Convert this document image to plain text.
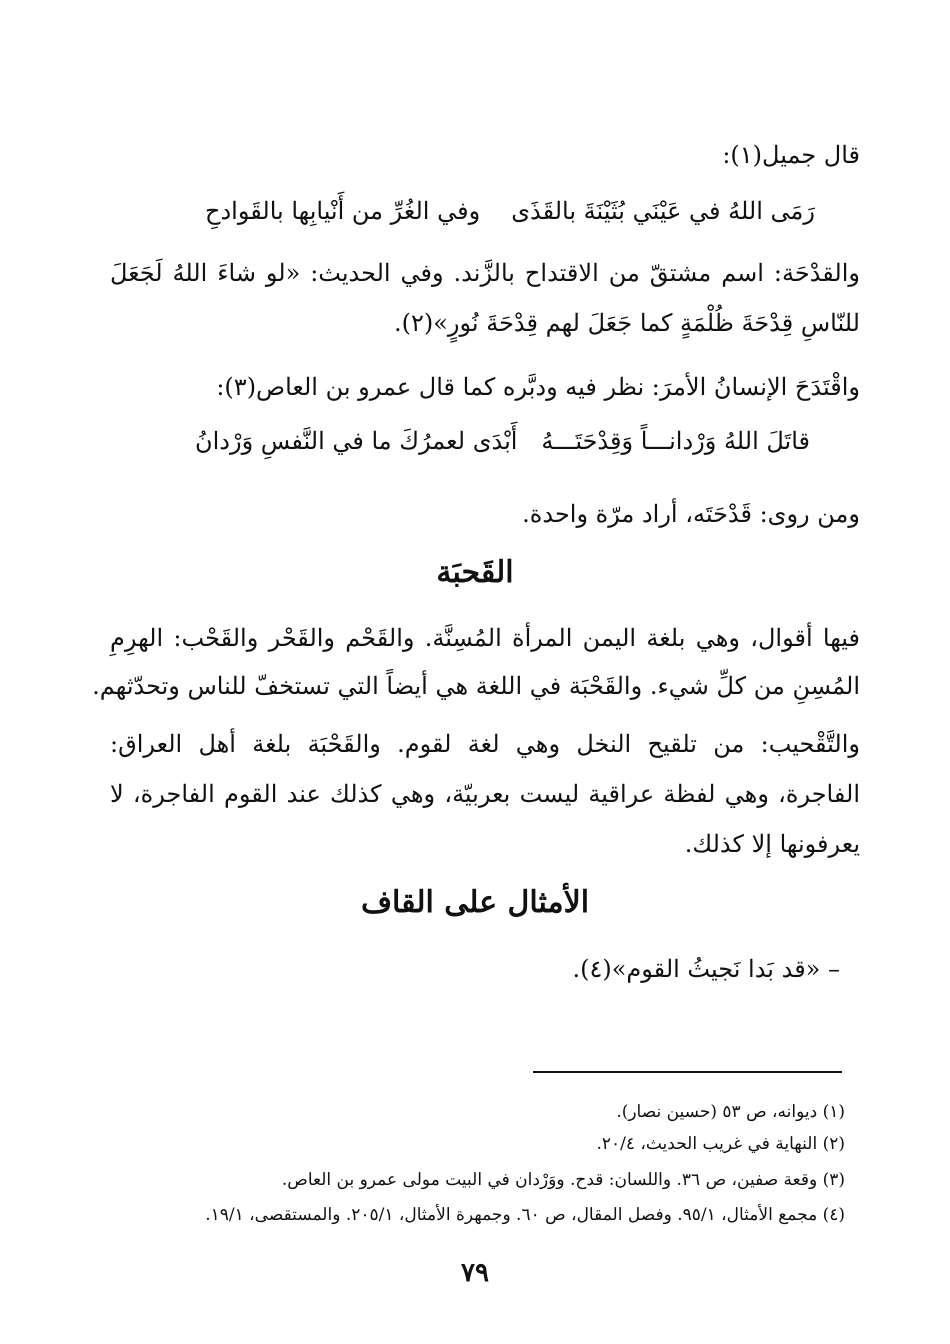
قال جميل(١):
رَمَى اللهُ في عَيْنَي بُثَيْنَةَ بالقَذَى
وفي الغُرِّ من أَنْيابِها بالقَوادحِ
والقدْحَة: اسم مشتقّ من الاقتداح بالزَّند. وفي الحديث: «لو شاءَ اللهُ لَجَعَلَ
للنّاسِ قِدْحَةَ ظُلْمَةٍ كما جَعَلَ لهم قِدْحَةَ نُورٍ»(٢).
واقْتَدَحَ الإنسانُ الأمرَ: نظر فيه ودبَّره كما قال عمرو بن العاص(٣):
قاتَلَ اللهُ وَرْدانـــاً وَقِدْحَتَـــهُ
أَبْدَى لعمرُكَ ما في النَّفسِ وَرْدانُ
ومن روى: قَدْحَتَه، أراد مرّة واحدة.
القَحبَة
فيها أقوال، وهي بلغة اليمن المرأة المُسِنَّة. والقَحْم والقَحْر والقَحْب: الهرِمِ
المُسِنِ من كلِّ شيء. والقَحْبَة في اللغة هي أيضاً التي تستخفّ للناس وتحدّثهم.
والتَّقْحيب: من تلقيح النخل وهي لغة لقوم. والقَحْبَة بلغة أهل العراق:
الفاجرة، وهي لفظة عراقية ليست بعربيّة، وهي كذلك عند القوم الفاجرة، لا
يعرفونها إلا كذلك.
الأمثال على القاف
– «قد بَدا نَجيثُ القوم»(٤).
(١) ديوانه، ص ٥٣ (حسين نصار).
(٢) النهاية في غريب الحديث، ٢٠/٤.
(٣) وقعة صفين، ص ٣٦. واللسان: قدح. ووَرْدان في البيت مولى عمرو بن العاص.
(٤) مجمع الأمثال، ٩٥/١. وفصل المقال، ص ٦٠. وجمهرة الأمثال، ٢٠٥/١. والمستقصى، ١٩/١.
٧٩
